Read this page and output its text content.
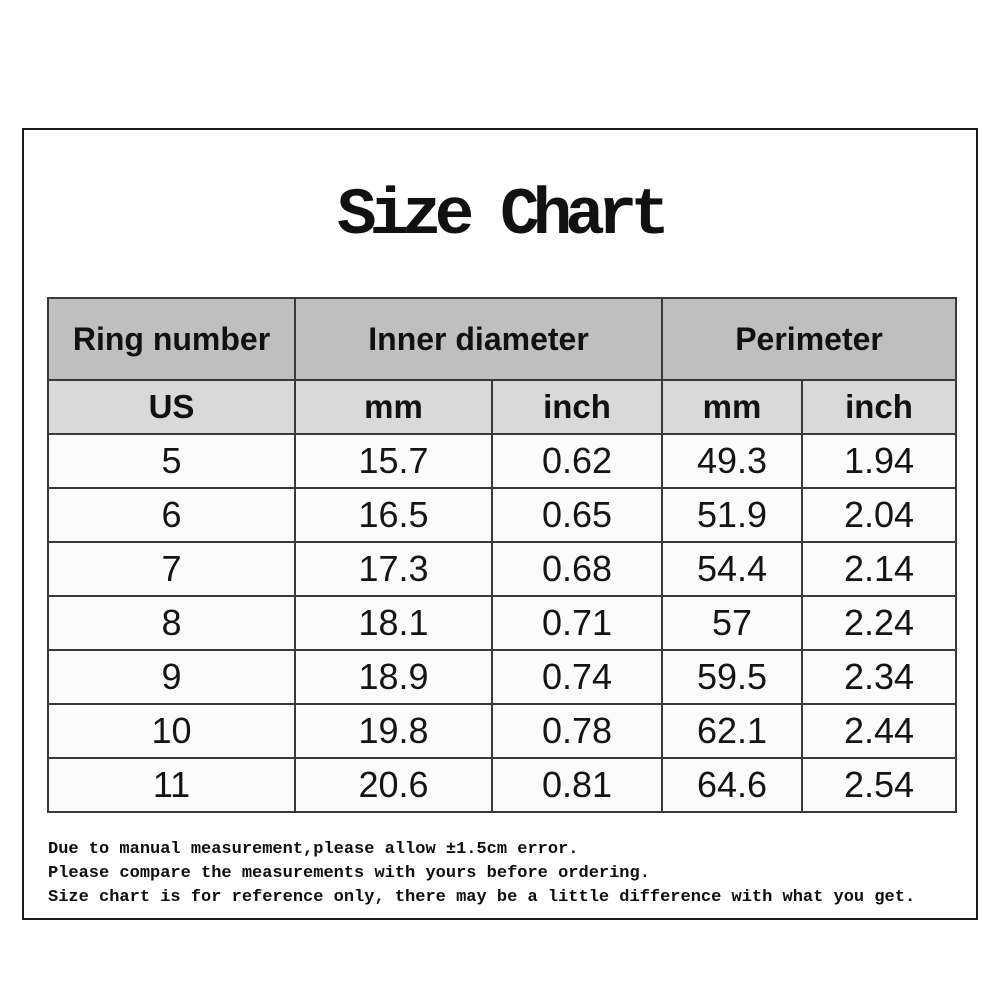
Size Chart
Ring number	Inner diameter		Perimeter	
US	mm	inch	mm	inch
5	15.7	0.62	49.3	1.94
6	16.5	0.65	51.9	2.04
7	17.3	0.68	54.4	2.14
8	18.1	0.71	57	2.24
9	18.9	0.74	59.5	2.34
10	19.8	0.78	62.1	2.44
11	20.6	0.81	64.6	2.54

Due to manual measurement,please allow ±1.5cm error.

Please compare the measurements with yours before ordering.

Size chart is for reference only, there may be a little difference with what you get.
